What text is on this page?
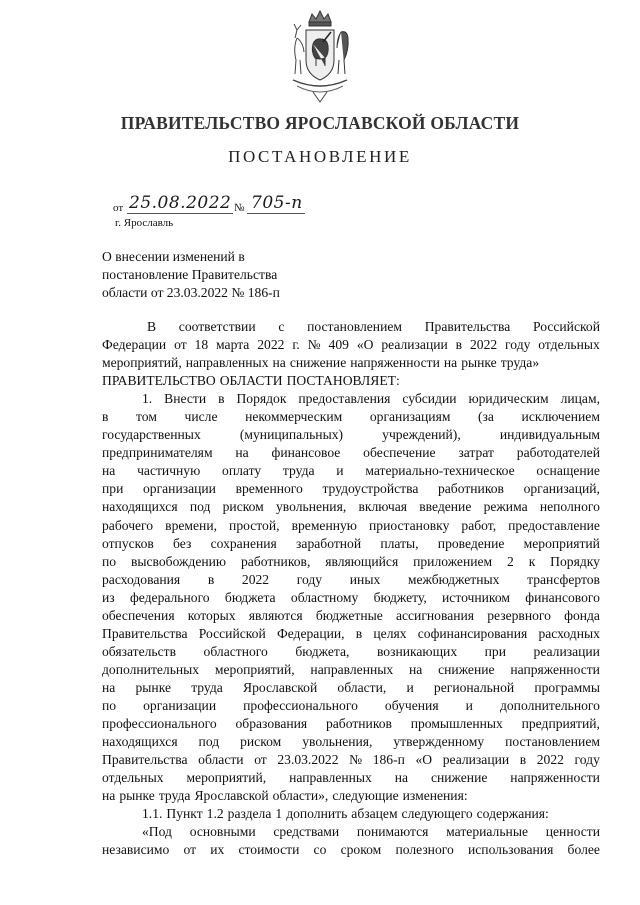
ПРАВИТЕЛЬСТВО ЯРОСЛАВСКОЙ ОБЛАСТИ
ПОСТАНОВЛЕНИЕ
от 25.08.2022 № 705-п
г. Ярославль
О внесении изменений в
постановление Правительства
области от 23.03.2022 № 186-п
В соответствии с постановлением Правительства Российской
Федерации от 18 марта 2022 г. № 409 «О реализации в 2022 году отдельных
мероприятий, направленных на снижение напряженности на рынке труда»
ПРАВИТЕЛЬСТВО ОБЛАСТИ ПОСТАНОВЛЯЕТ:
1. Внести в Порядок предоставления субсидии юридическим лицам,
в том числе некоммерческим организациям (за исключением
государственных	(муниципальных)	учреждений),	индивидуальным
предпринимателям на финансовое обеспечение затрат работодателей
на частичную оплату труда и материально-техническое оснащение
при организации временного трудоустройства работников организаций,
находящихся под риском увольнения, включая введение режима неполного
рабочего времени, простой, временную приостановку работ, предоставление
отпусков без сохранения заработной платы, проведение мероприятий
по высвобождению работников, являющийся приложением 2 к Порядку
расходования в 2022 году иных межбюджетных трансфертов
из федерального бюджета областному бюджету, источником финансового
обеспечения которых являются бюджетные ассигнования резервного фонда
Правительства Российской Федерации, в целях софинансирования расходных
обязательств областного бюджета, возникающих при реализации
дополнительных мероприятий, направленных на снижение напряженности
на рынке труда Ярославской области, и региональной программы
по организации профессионального обучения и дополнительного
профессионального образования работников промышленных предприятий,
находящихся под риском увольнения, утвержденному постановлением
Правительства области от 23.03.2022 № 186-п «О реализации в 2022 году
отдельных мероприятий, направленных на снижение напряженности
на рынке труда Ярославской области», следующие изменения:
1.1. Пункт 1.2 раздела 1 дополнить абзацем следующего содержания:
«Под основными средствами понимаются материальные ценности
независимо от их стоимости со сроком полезного использования более
